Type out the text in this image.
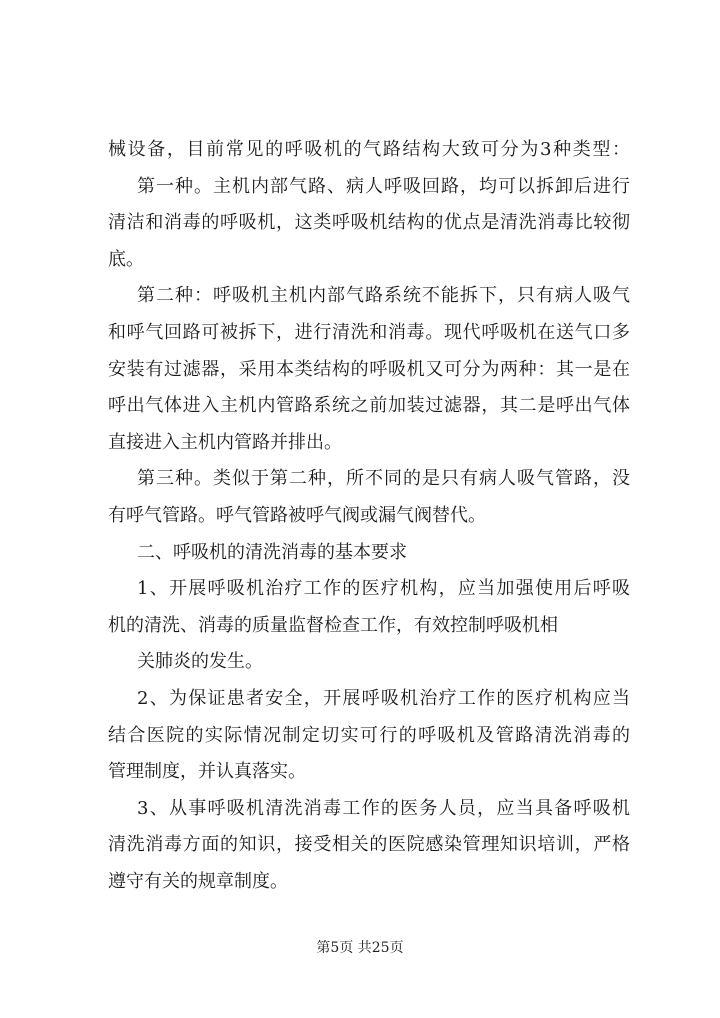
械设备，目前常见的呼吸机的气路结构大致可分为3种类型：
第一种。主机内部气路、病人呼吸回路，均可以拆卸后进行
清洁和消毒的呼吸机，这类呼吸机结构的优点是清洗消毒比较彻
底。
第二种：呼吸机主机内部气路系统不能拆下，只有病人吸气
和呼气回路可被拆下，进行清洗和消毒。现代呼吸机在送气口多
安装有过滤器，采用本类结构的呼吸机又可分为两种：其一是在
呼出气体进入主机内管路系统之前加装过滤器，其二是呼出气体
直接进入主机内管路并排出。
第三种。类似于第二种，所不同的是只有病人吸气管路，没
有呼气管路。呼气管路被呼气阀或漏气阀替代。
二、呼吸机的清洗消毒的基本要求
1、开展呼吸机治疗工作的医疗机构，应当加强使用后呼吸
机的清洗、消毒的质量监督检查工作，有效控制呼吸机相
关肺炎的发生。
2、为保证患者安全，开展呼吸机治疗工作的医疗机构应当
结合医院的实际情况制定切实可行的呼吸机及管路清洗消毒的
管理制度，并认真落实。
3、从事呼吸机清洗消毒工作的医务人员，应当具备呼吸机
清洗消毒方面的知识，接受相关的医院感染管理知识培训，严格
遵守有关的规章制度。
第5页 共25页
